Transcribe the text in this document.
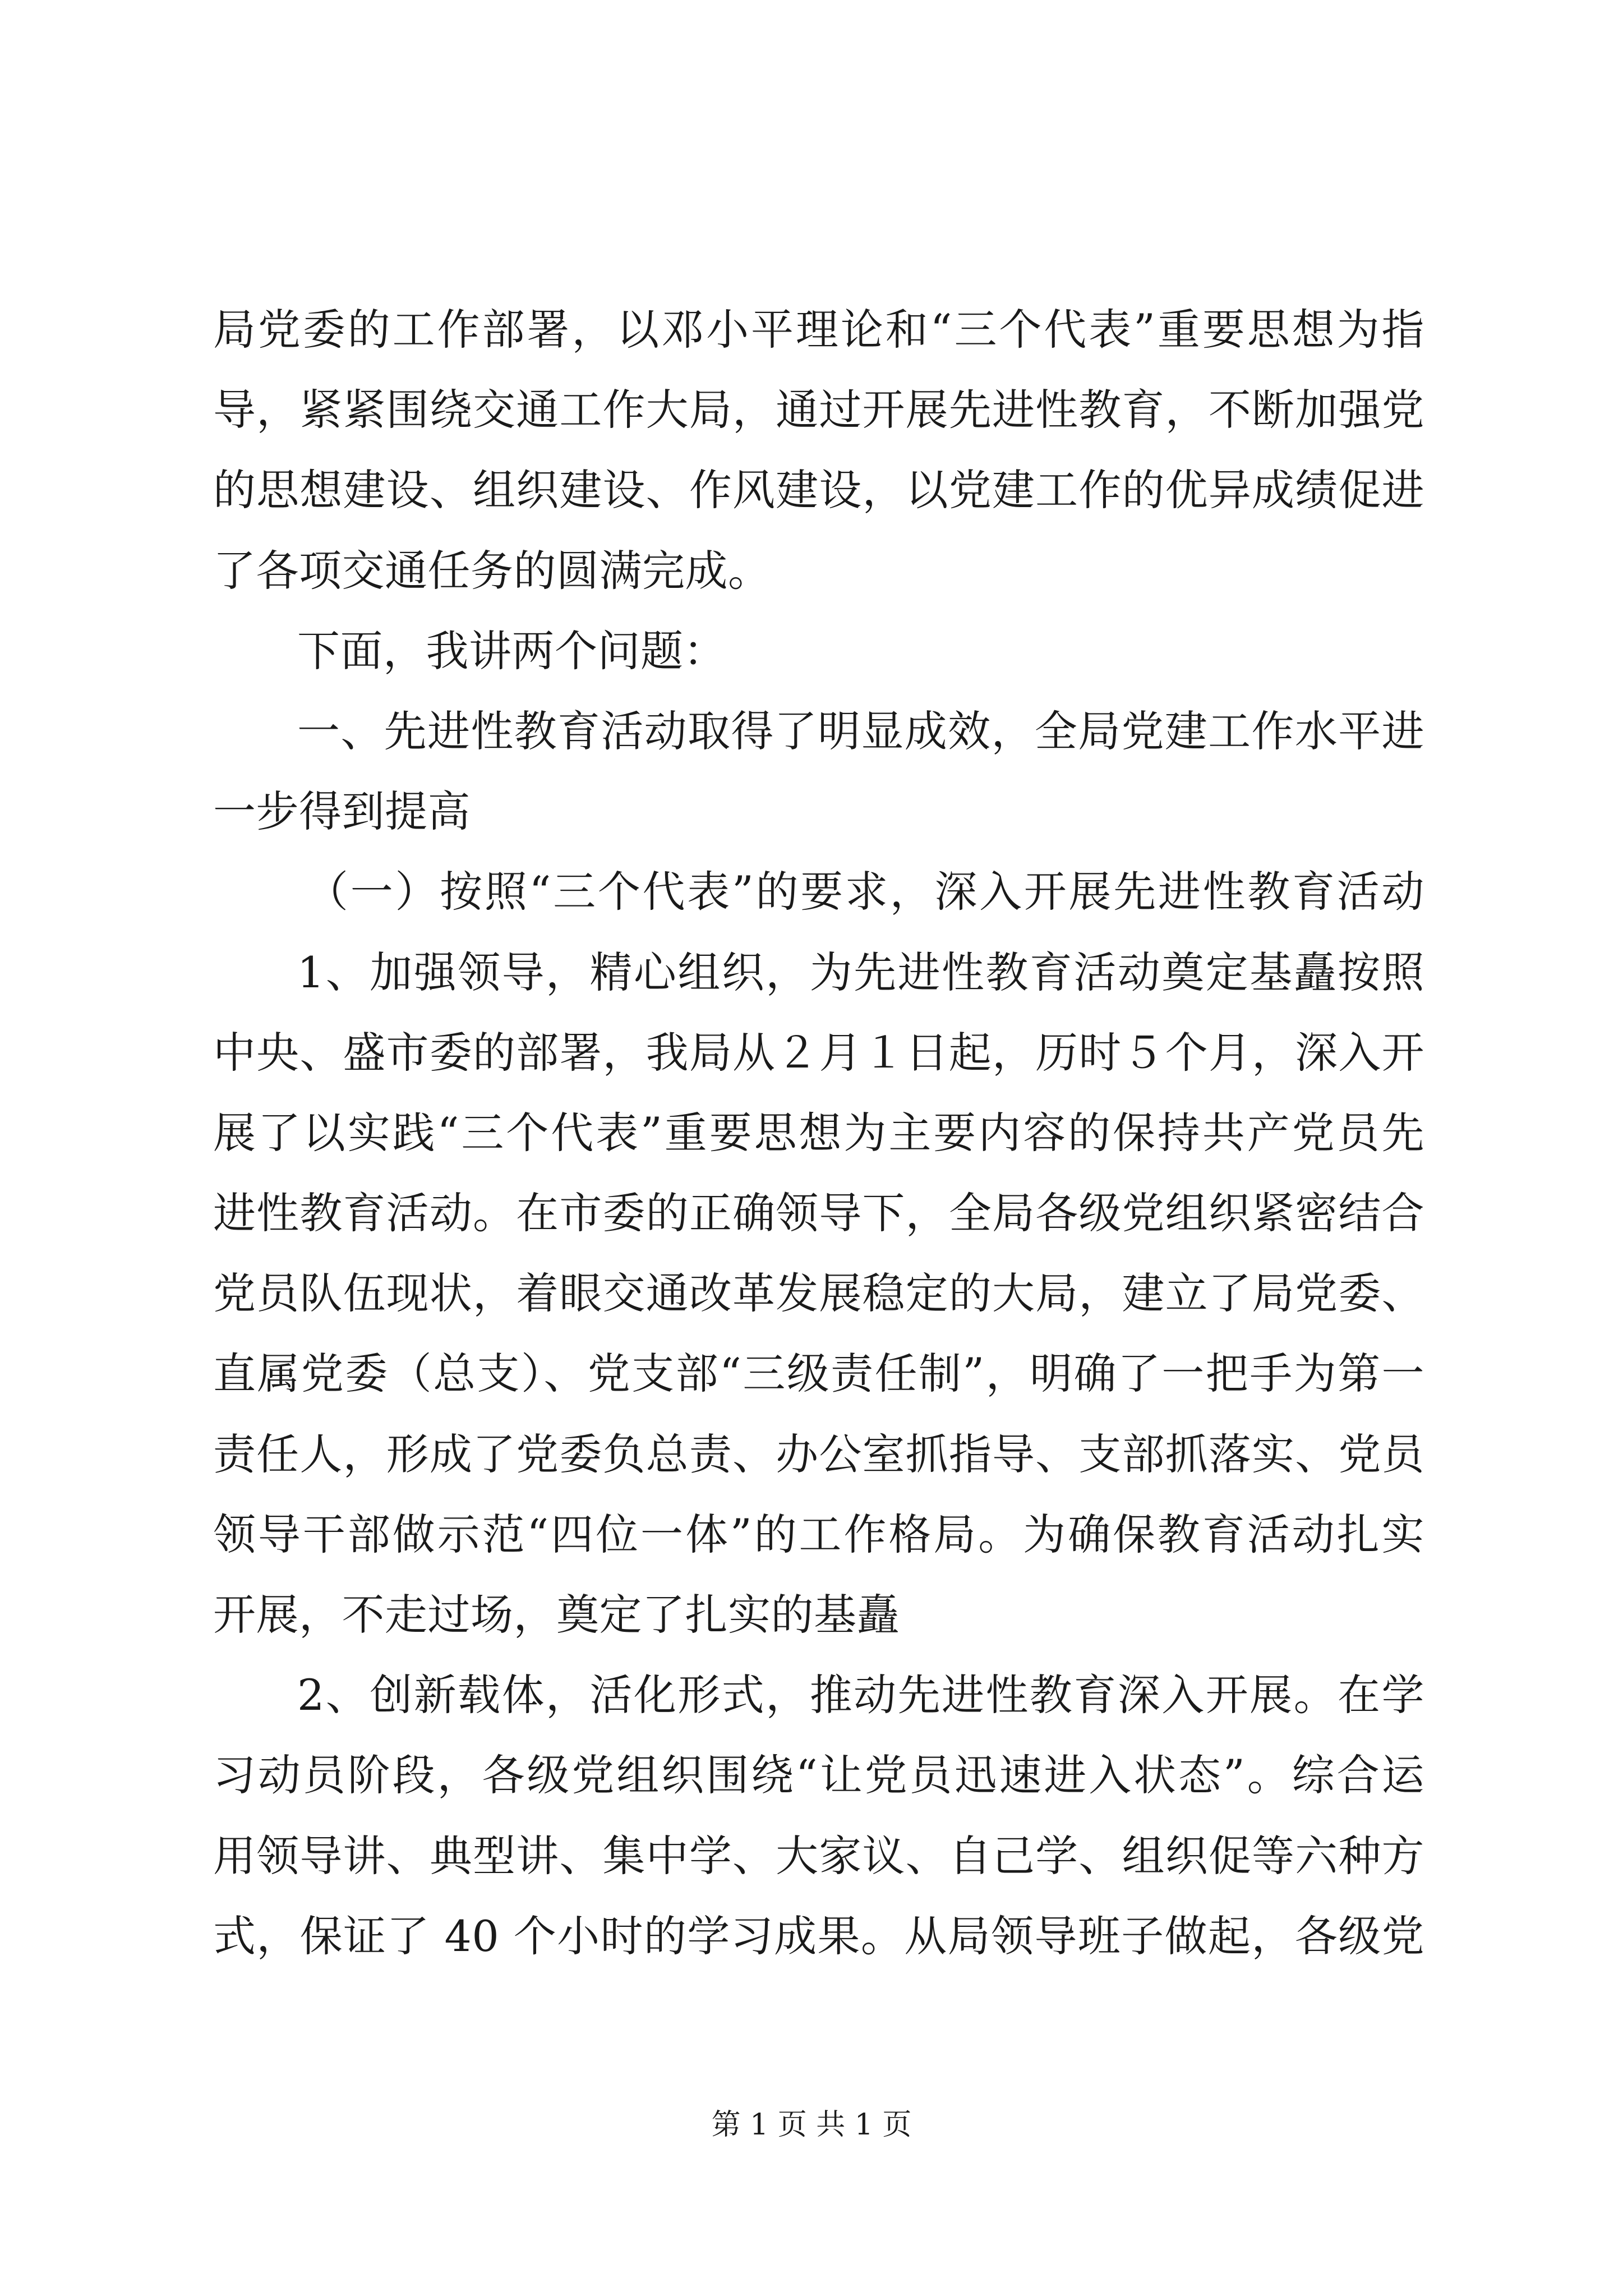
局党委的工作部署，以邓小平理论和“三个代表”重要思想为指
导，紧紧围绕交通工作大局，通过开展先进性教育，不断加强党
的思想建设、组织建设、作风建设，以党建工作的优异成绩促进
了各项交通任务的圆满完成。
下面，我讲两个问题：
一、先进性教育活动取得了明显成效，全局党建工作水平进
一步得到提高
（一）按照“三个代表”的要求，深入开展先进性教育活动
1、加强领导，精心组织，为先进性教育活动奠定基矗按照
中央、盛市委的部署，我局从２月１日起，历时５个月，深入开
展了以实践“三个代表”重要思想为主要内容的保持共产党员先
进性教育活动。在市委的正确领导下，全局各级党组织紧密结合
党员队伍现状，着眼交通改革发展稳定的大局，建立了局党委、
直属党委（总支）、党支部“三级责任制”，明确了一把手为第一
责任人，形成了党委负总责、办公室抓指导、支部抓落实、党员
领导干部做示范“四位一体”的工作格局。为确保教育活动扎实
开展，不走过场，奠定了扎实的基矗
2、创新载体，活化形式，推动先进性教育深入开展。在学
习动员阶段，各级党组织围绕“让党员迅速进入状态”。综合运
用领导讲、典型讲、集中学、大家议、自己学、组织促等六种方
式，保证了 40 个小时的学习成果。从局领导班子做起，各级党
第 1 页 共 1 页
